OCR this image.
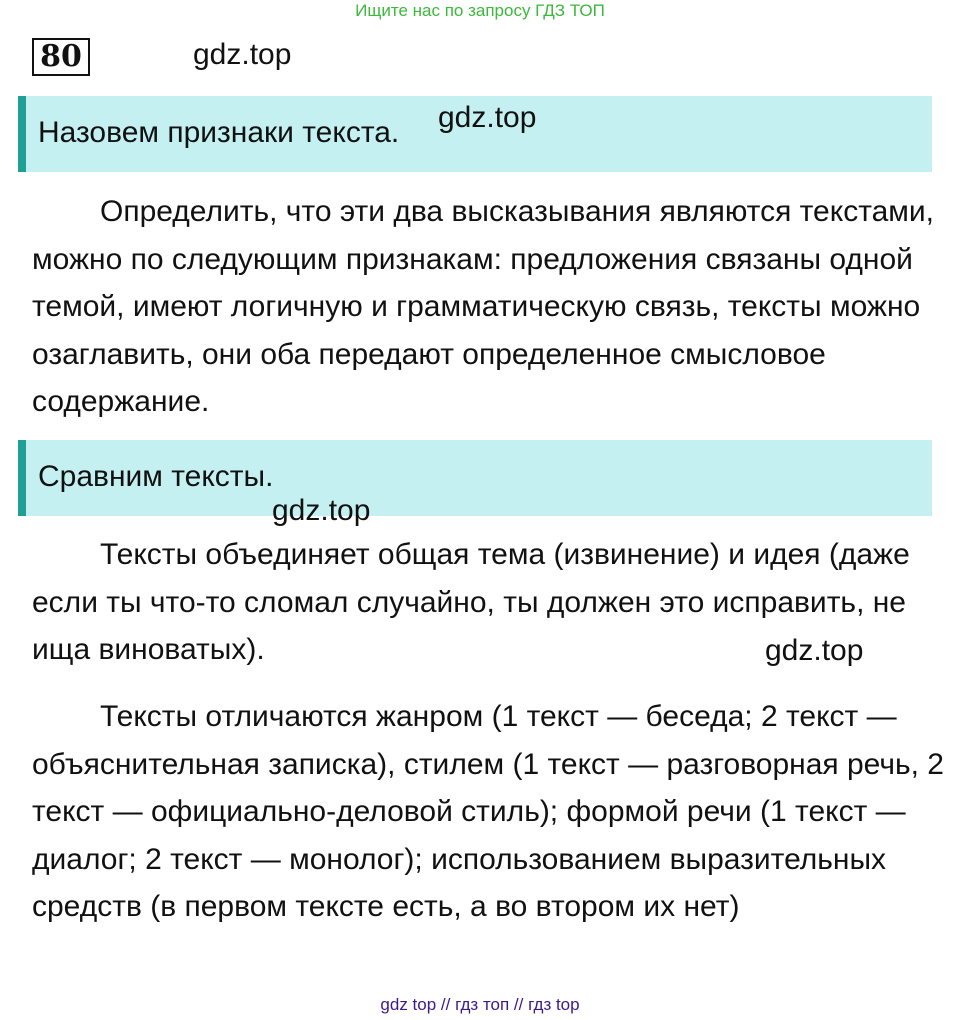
Ищите нас по запросу ГДЗ ТОП
80	gdz.top
Назовем признаки текста. gdz.top

Определить, что эти два высказывания являются текстами, можно по следующим признакам: предложения связаны одной темой, имеют логичную и грамматическую связь, тексты можно озаглавить, они оба передают определенное смысловое содержание.

Сравним тексты.
gdz.top

Тексты объединяет общая тема (извинение) и идея (даже если ты что-то сломал случайно, ты должен это исправить, не ища виноватых).	gdz.top

Тексты отличаются жанром (1 текст — беседа; 2 текст — объяснительная записка), стилем (1 текст — разговорная речь, 2 текст — официально-деловой стиль); формой речи (1 текст — диалог; 2 текст — монолог); использованием выразительных средств (в первом тексте есть, а во втором их нет)

gdz top // гдз топ // гдз top
